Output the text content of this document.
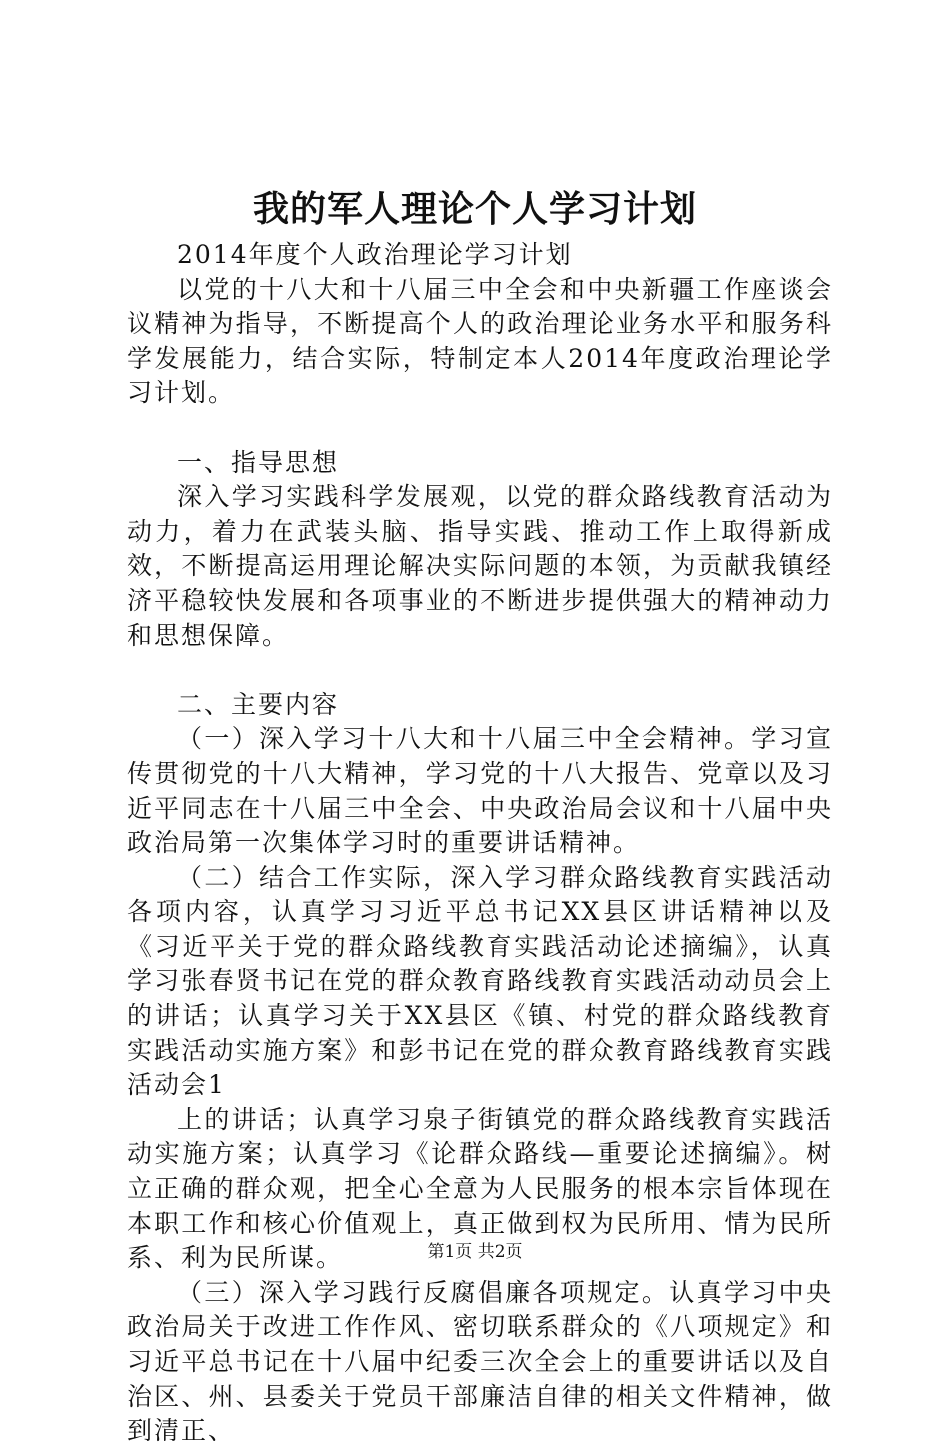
我的军人理论个人学习计划

2014年度个人政治理论学习计划

以党的十八大和十八届三中全会和中央新疆工作座谈会议精神为指导，不断提高个人的政治理论业务水平和服务科学发展能力，结合实际，特制定本人2014年度政治理论学习计划。

一、指导思想

深入学习实践科学发展观，以党的群众路线教育活动为动力，着力在武装头脑、指导实践、推动工作上取得新成效，不断提高运用理论解决实际问题的本领，为贡献我镇经济平稳较快发展和各项事业的不断进步提供强大的精神动力和思想保障。

二、主要内容

（一）深入学习十八大和十八届三中全会精神。学习宣传贯彻党的十八大精神，学习党的十八大报告、党章以及习近平同志在十八届三中全会、中央政治局会议和十八届中央政治局第一次集体学习时的重要讲话精神。

（二）结合工作实际，深入学习群众路线教育实践活动各项内容，认真学习习近平总书记XX县区讲话精神以及《习近平关于党的群众路线教育实践活动论述摘编》，认真学习张春贤书记在党的群众教育路线教育实践活动动员会上的讲话；认真学习关于XX县区《镇、村党的群众路线教育实践活动实施方案》和彭书记在党的群众教育路线教育实践活动会1

上的讲话；认真学习泉子街镇党的群众路线教育实践活动实施方案；认真学习《论群众路线—重要论述摘编》。树立正确的群众观，把全心全意为人民服务的根本宗旨体现在本职工作和核心价值观上，真正做到权为民所用、情为民所系、利为民所谋。

（三）深入学习践行反腐倡廉各项规定。认真学习中央政治局关于改进工作作风、密切联系群众的《八项规定》和习近平总书记在十八届中纪委三次全会上的重要讲话以及自治区、州、县委关于党员干部廉洁自律的相关文件精神，做到清正、

第1页 共2页
